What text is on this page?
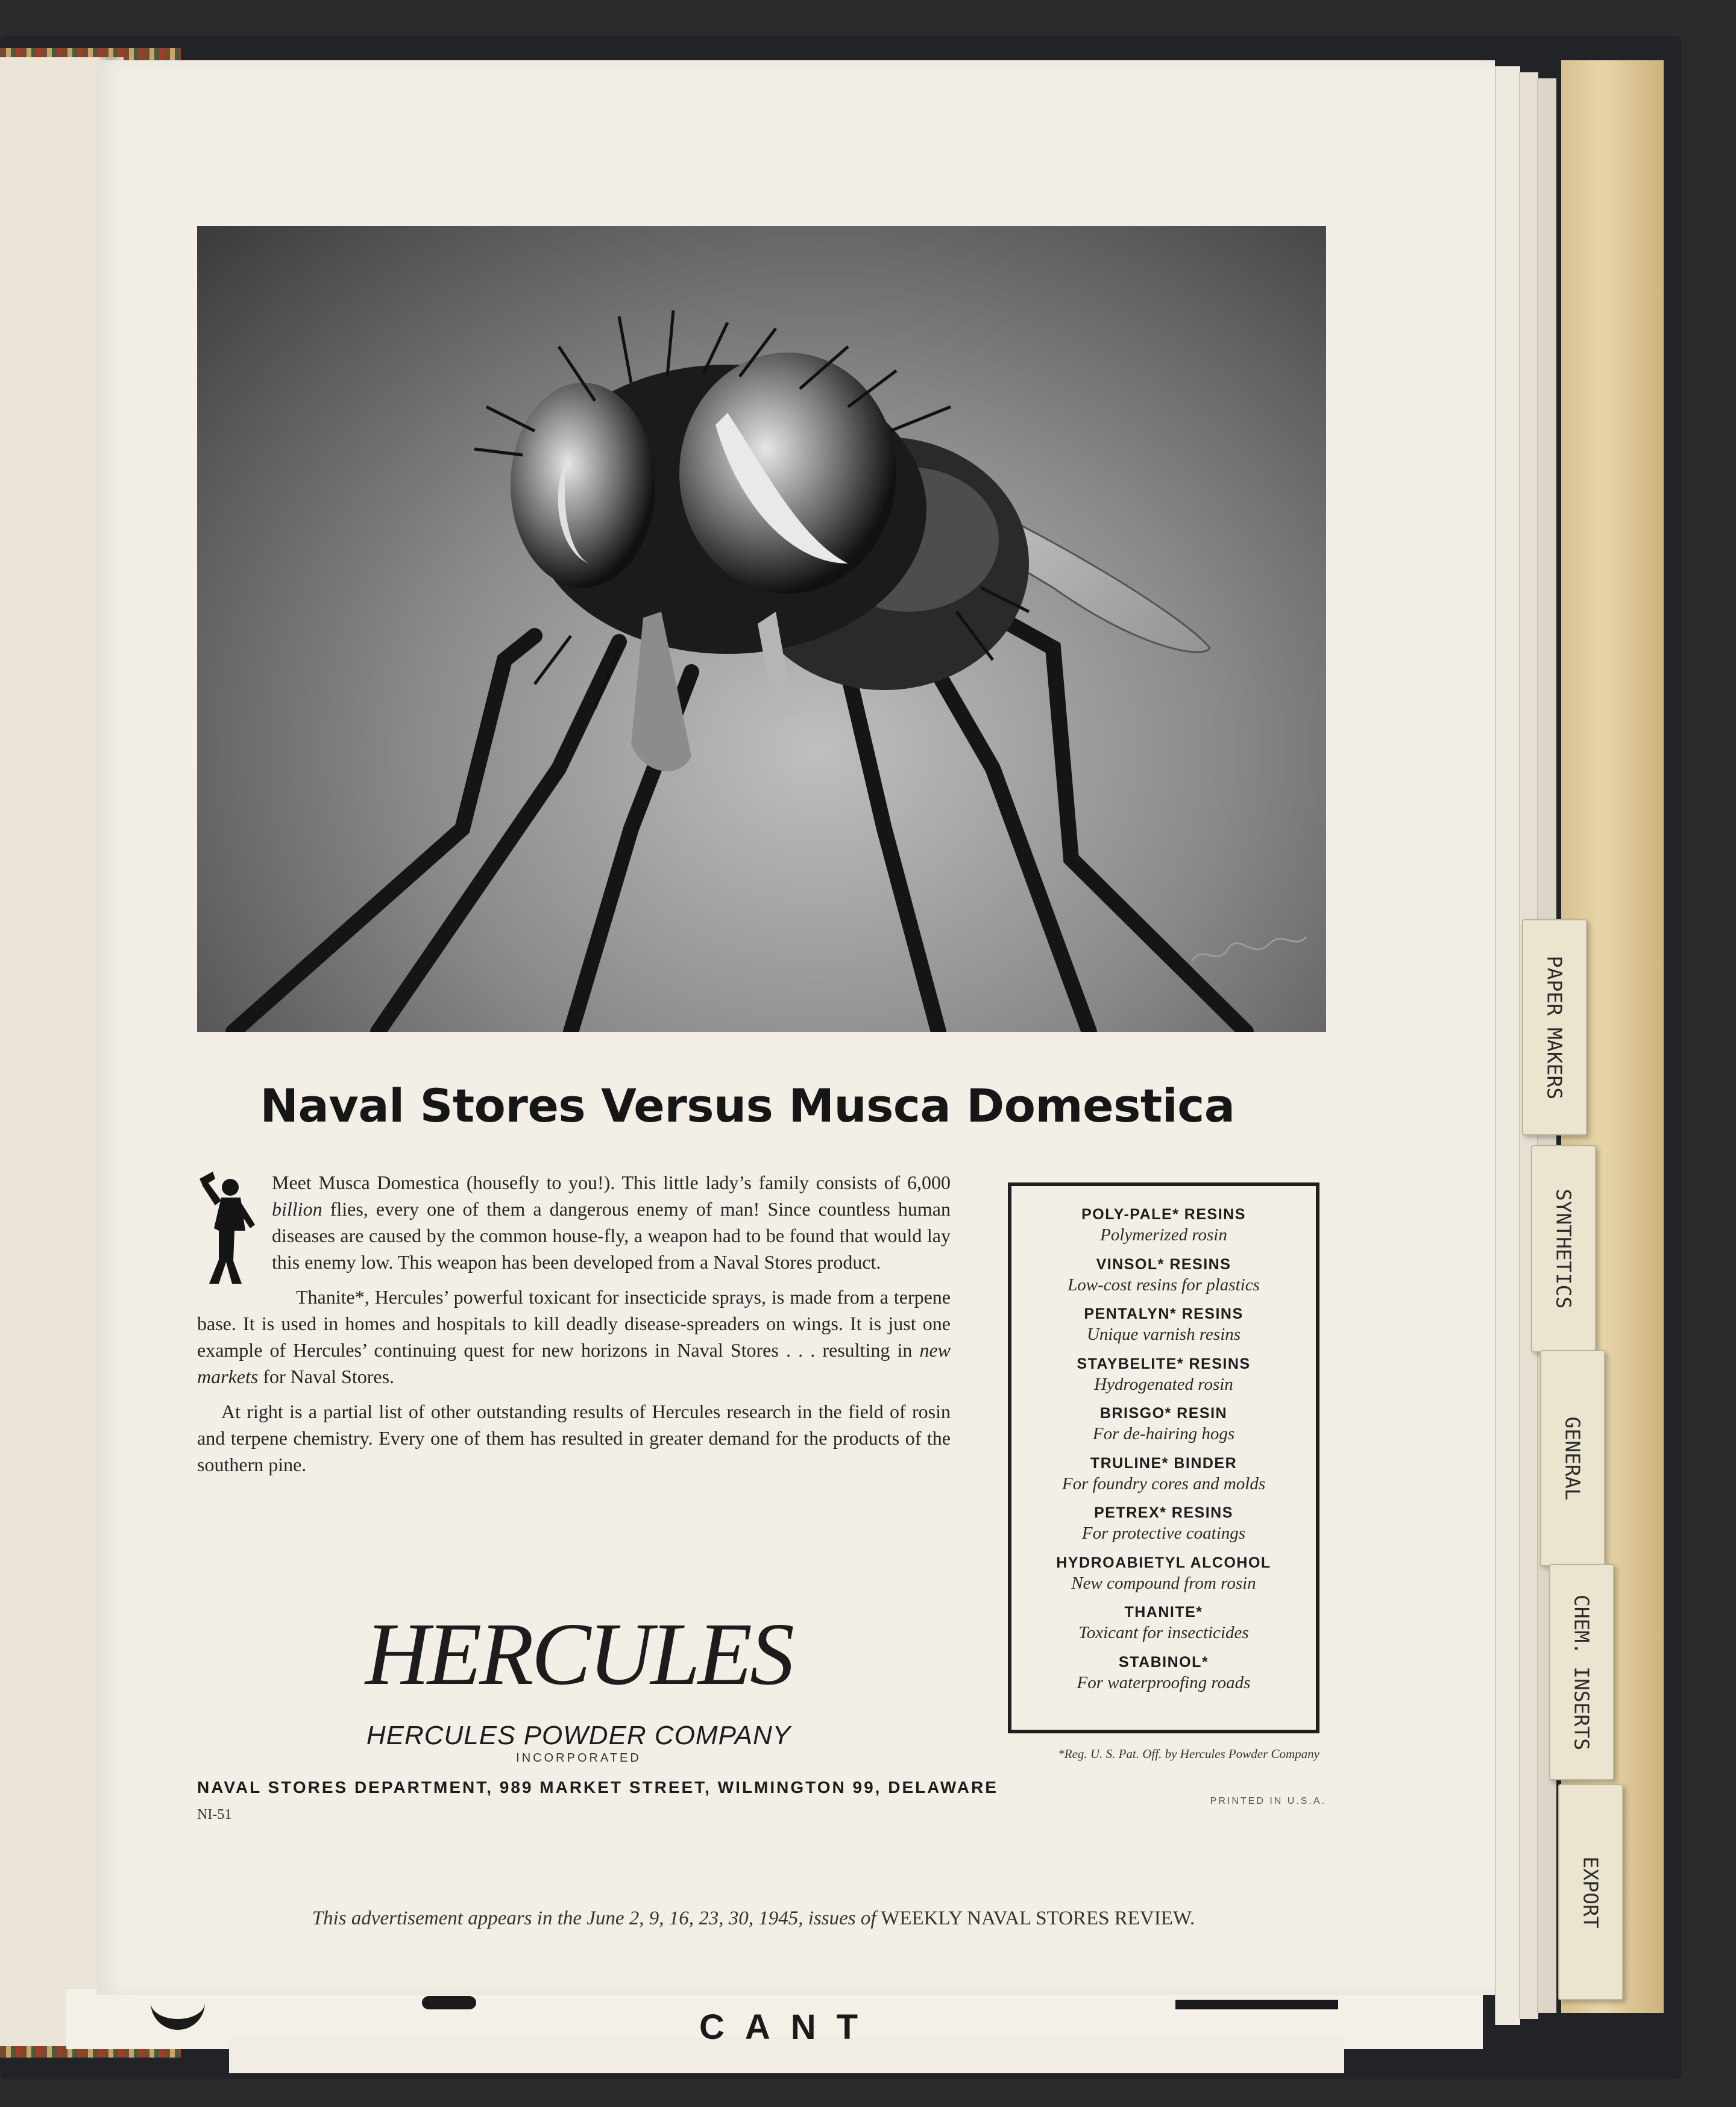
CANT
PAPER MAKERS
SYNTHETICS
GENERAL
CHEM. INSERTS
EXPORT
Naval Stores Versus Musca Domestica

Meet Musca Domestica (housefly to you!). This little lady’s family consists of 6,000 billion flies, every one of them a dangerous enemy of man! Since countless human diseases are caused by the common house-fly, a weapon had to be found that would lay this enemy low. This weapon has been developed from a Naval Stores product.

Thanite*, Hercules’ powerful toxicant for insecticide sprays, is made from a terpene base. It is used in homes and hospitals to kill deadly disease-spreaders on wings. It is just one example of Hercules’ continuing quest for new horizons in Naval Stores . . . resulting in new markets for Naval Stores.

At right is a partial list of other outstanding results of Hercules research in the field of rosin and terpene chemistry. Every one of them has resulted in greater demand for the products of the southern pine.

HERCULES
HERCULES POWDER COMPANY
INCORPORATED
NAVAL STORES DEPARTMENT, 989 MARKET STREET, WILMINGTON 99, DELAWARE
NI-51
POLY-PALE* RESINS
Polymerized rosin
VINSOL* RESINS
Low-cost resins for plastics
PENTALYN* RESINS
Unique varnish resins
STAYBELITE* RESINS
Hydrogenated rosin
BRISGO* RESIN
For de-hairing hogs
TRULINE* BINDER
For foundry cores and molds
PETREX* RESINS
For protective coatings
HYDROABIETYL ALCOHOL
New compound from rosin
THANITE*
Toxicant for insecticides
STABINOL*
For waterproofing roads
*Reg. U. S. Pat. Off. by Hercules Powder Company
PRINTED IN U.S.A.
This advertisement appears in the June 2, 9, 16, 23, 30, 1945, issues of WEEKLY NAVAL STORES REVIEW.
